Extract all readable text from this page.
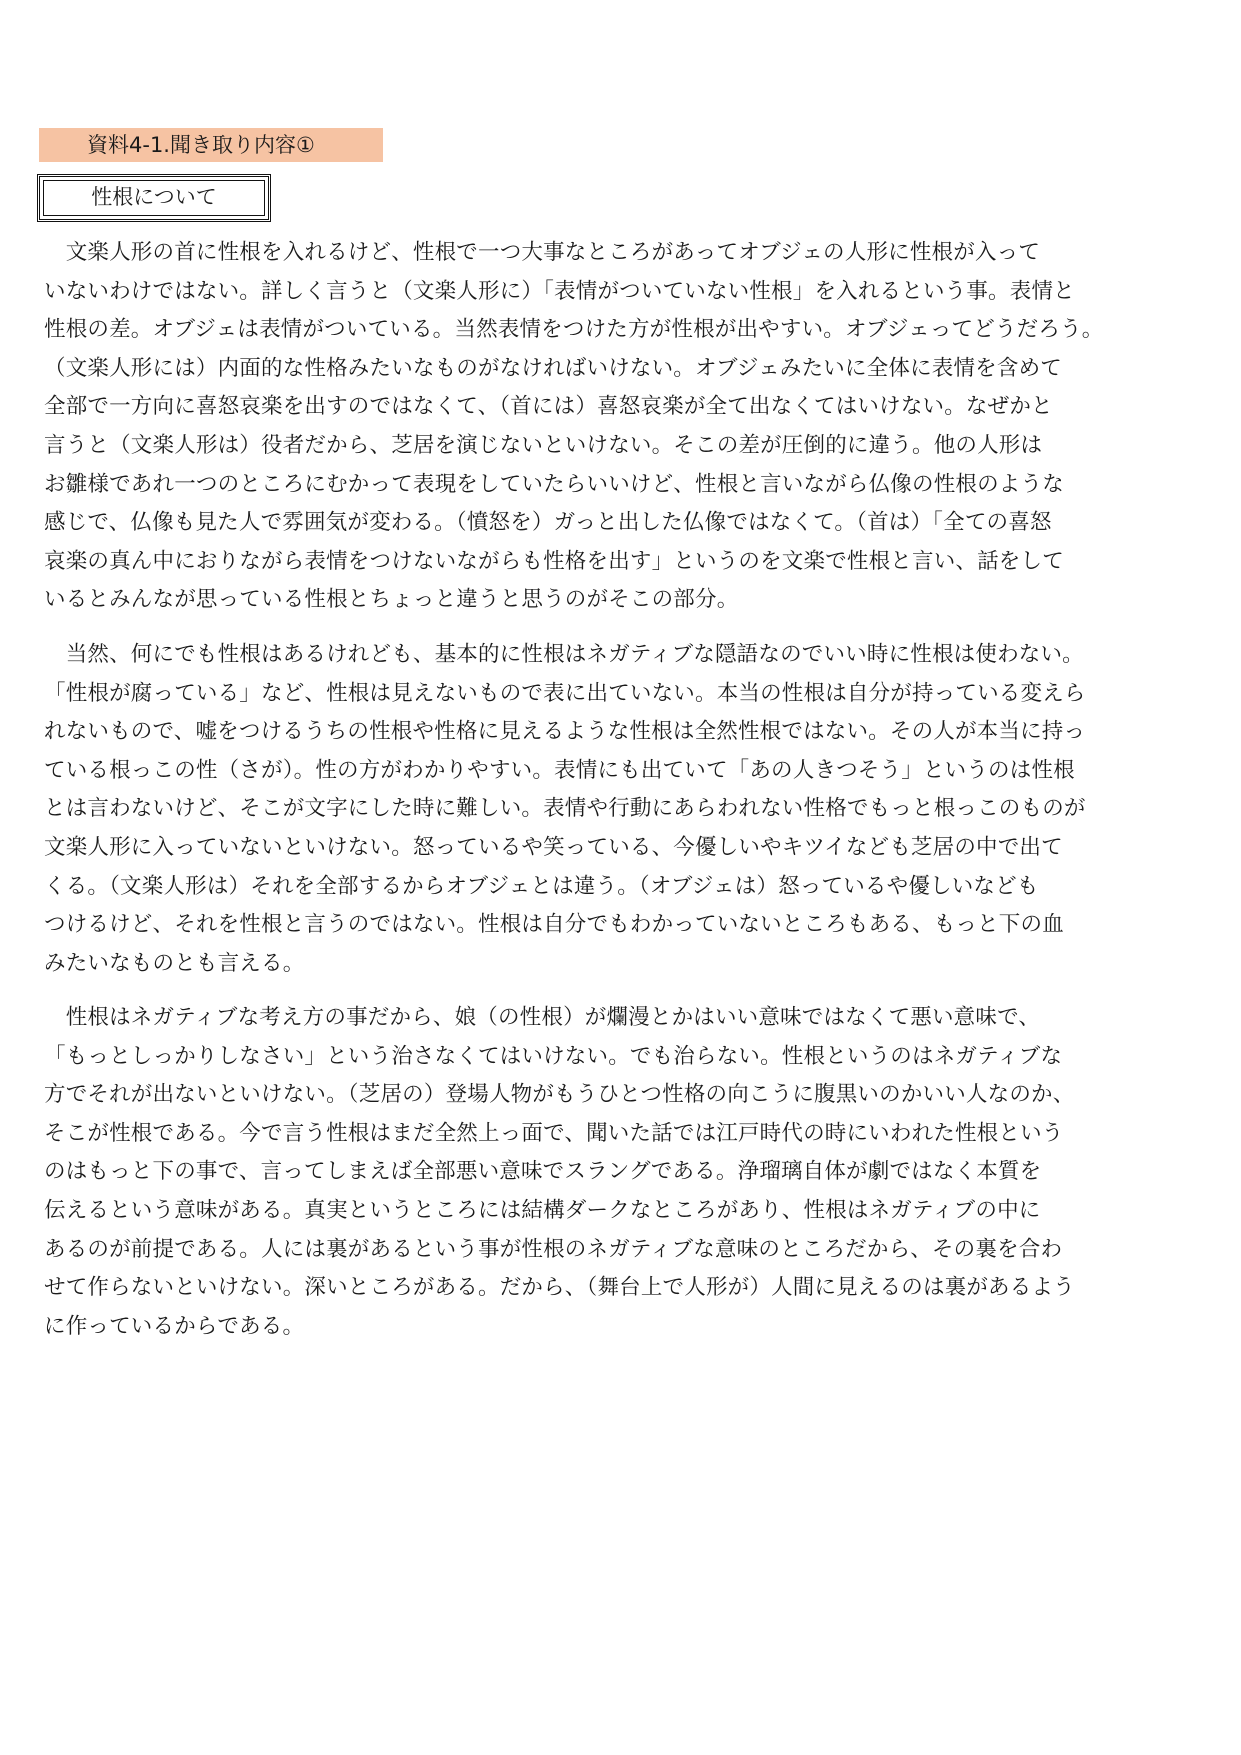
資料4-1.聞き取り内容①
性根について
　文楽人形の首に性根を入れるけど、性根で一つ大事なところがあってオブジェの人形に性根が入って
いないわけではない。詳しく言うと（文楽人形に）「表情がついていない性根」を入れるという事。表情と
性根の差。オブジェは表情がついている。当然表情をつけた方が性根が出やすい。オブジェってどうだろう。
（文楽人形には）内面的な性格みたいなものがなければいけない。オブジェみたいに全体に表情を含めて
全部で一方向に喜怒哀楽を出すのではなくて、（首には）喜怒哀楽が全て出なくてはいけない。なぜかと
言うと（文楽人形は）役者だから、芝居を演じないといけない。そこの差が圧倒的に違う。他の人形は
お雛様であれ一つのところにむかって表現をしていたらいいけど、性根と言いながら仏像の性根のような
感じで、仏像も見た人で雰囲気が変わる。（憤怒を）ガっと出した仏像ではなくて。（首は）「全ての喜怒
哀楽の真ん中におりながら表情をつけないながらも性格を出す」というのを文楽で性根と言い、話をして
いるとみんなが思っている性根とちょっと違うと思うのがそこの部分。
　当然、何にでも性根はあるけれども、基本的に性根はネガティブな隠語なのでいい時に性根は使わない。
「性根が腐っている」など、性根は見えないもので表に出ていない。本当の性根は自分が持っている変えら
れないもので、嘘をつけるうちの性根や性格に見えるような性根は全然性根ではない。その人が本当に持っ
ている根っこの性（さが）。性の方がわかりやすい。表情にも出ていて「あの人きつそう」というのは性根
とは言わないけど、そこが文字にした時に難しい。表情や行動にあらわれない性格でもっと根っこのものが
文楽人形に入っていないといけない。怒っているや笑っている、今優しいやキツイなども芝居の中で出て
くる。（文楽人形は）それを全部するからオブジェとは違う。（オブジェは）怒っているや優しいなども
つけるけど、それを性根と言うのではない。性根は自分でもわかっていないところもある、もっと下の血
みたいなものとも言える。
　性根はネガティブな考え方の事だから、娘（の性根）が爛漫とかはいい意味ではなくて悪い意味で、
「もっとしっかりしなさい」という治さなくてはいけない。でも治らない。性根というのはネガティブな
方でそれが出ないといけない。（芝居の）登場人物がもうひとつ性格の向こうに腹黒いのかいい人なのか、
そこが性根である。今で言う性根はまだ全然上っ面で、聞いた話では江戸時代の時にいわれた性根という
のはもっと下の事で、言ってしまえば全部悪い意味でスラングである。浄瑠璃自体が劇ではなく本質を
伝えるという意味がある。真実というところには結構ダークなところがあり、性根はネガティブの中に
あるのが前提である。人には裏があるという事が性根のネガティブな意味のところだから、その裏を合わ
せて作らないといけない。深いところがある。だから、（舞台上で人形が）人間に見えるのは裏があるよう
に作っているからである。
